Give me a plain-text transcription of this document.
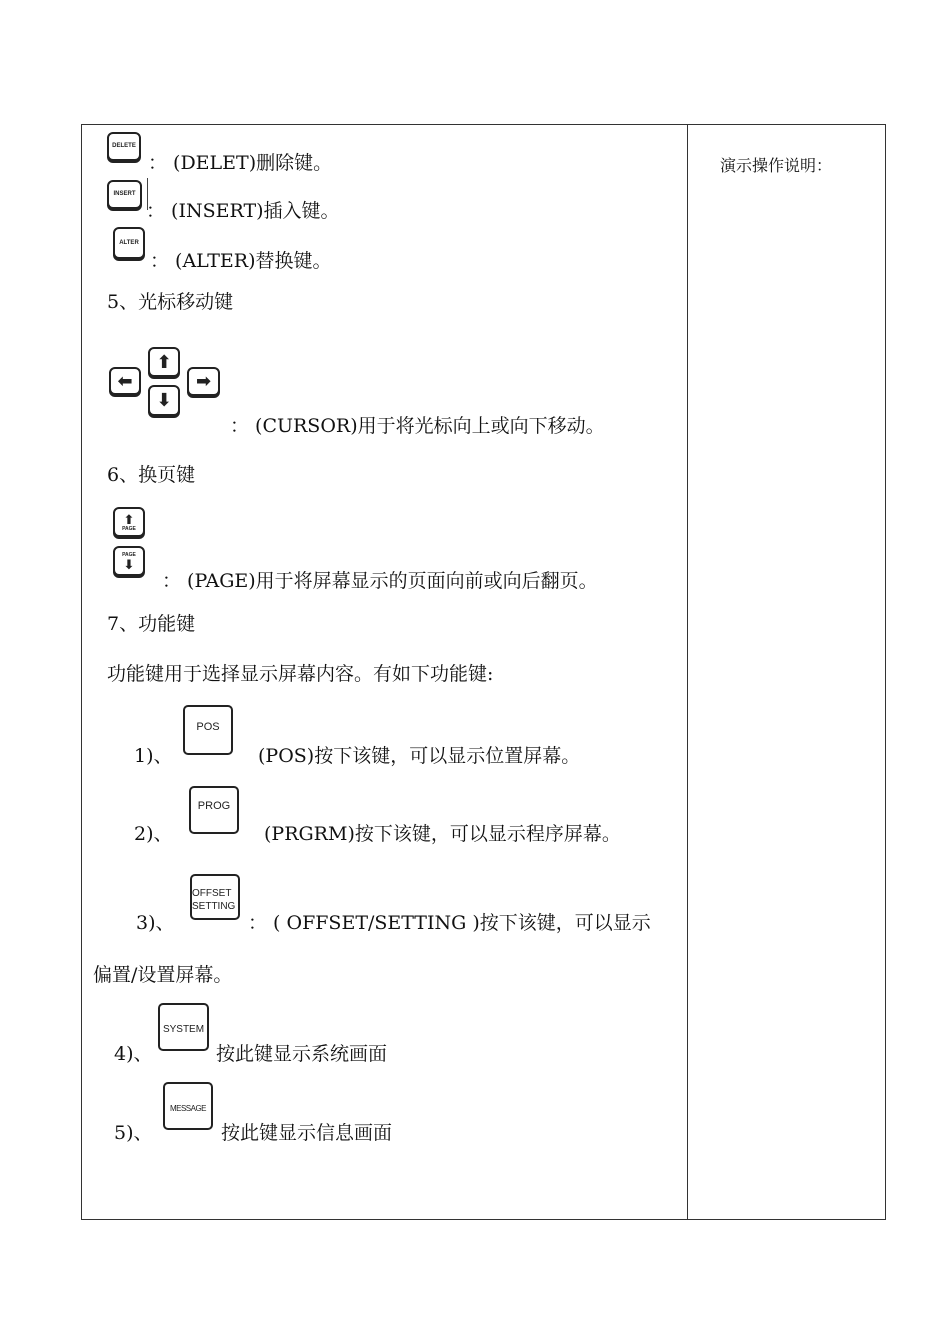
演示操作说明：
DELETE
： (DELET)删除键。
INSERT
： (INSERT)插入键。
ALTER
： (ALTER)替换键。
5、光标移动键
⬅
⬆
⬇
➡
： (CURSOR)用于将光标向上或向下移动。
6、换页键
⬆
PAGE
PAGE
⬇
： (PAGE)用于将屏幕显示的页面向前或向后翻页。
7、功能键
功能键用于选择显示屏幕内容。有如下功能键:
1)、
POS
(POS)按下该键，可以显示位置屏幕。
2)、
PROG
(PRGRM)按下该键，可以显示程序屏幕。
3)、
OFFSET
SETTING
： ( OFFSET/SETTING )按下该键，可以显示
偏置/设置屏幕。
4)、
SYSTEM
按此键显示系统画面
5)、
MESSAGE
按此键显示信息画面
